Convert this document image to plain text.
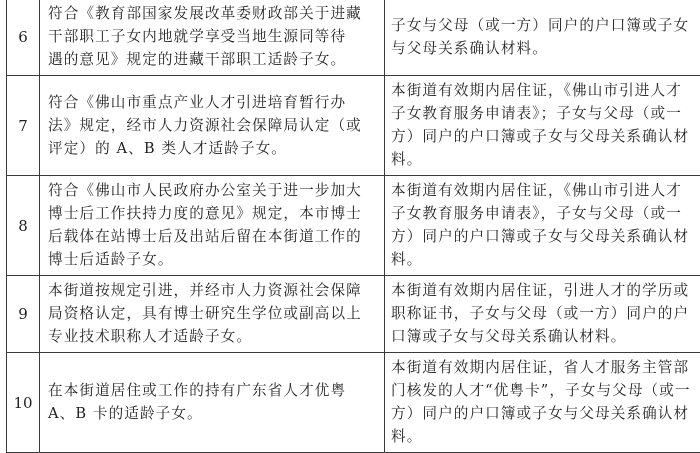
6	符合《教育部国家发展改革委财政部关于进藏
干部职工子女内地就学享受当地生源同等待
遇的意见》规定的进藏干部职工适龄子女。	子女与父母（或一方）同户的户口簿或子女
与父母关系确认材料。

7	符合《佛山市重点产业人才引进培育暂行办
法》规定，经市人力资源社会保障局认定（或
评定）的 A、B 类人才适龄子女。	本街道有效期内居住证，《佛山市引进人才
子女教育服务申请表》；子女与父母（或一
方）同户的户口簿或子女与父母关系确认材
料。

8	符合《佛山市人民政府办公室关于进一步加大
博士后工作扶持力度的意见》规定，本市博士
后载体在站博士后及出站后留在本街道工作的
博士后适龄子女。	本街道有效期内居住证，《佛山市引进人才
子女教育服务申请表》，子女与父母（或一
方）同户的户口簿或子女与父母关系确认材
料。

9	本街道按规定引进，并经市人力资源社会保障
局资格认定，具有博士研究生学位或副高以上
专业技术职称人才适龄子女。	本街道有效期内居住证，引进人才的学历或
职称证书，子女与父母（或一方）同户的户
口簿或子女与父母关系确认材料。

10	在本街道居住或工作的持有广东省人才优粤
A、B 卡的适龄子女。	本街道有效期内居住证，省人才服务主管部
门核发的人才“优粤卡”，子女与父母（或一
方）同户的户口簿或子女与父母关系确认材
料。
